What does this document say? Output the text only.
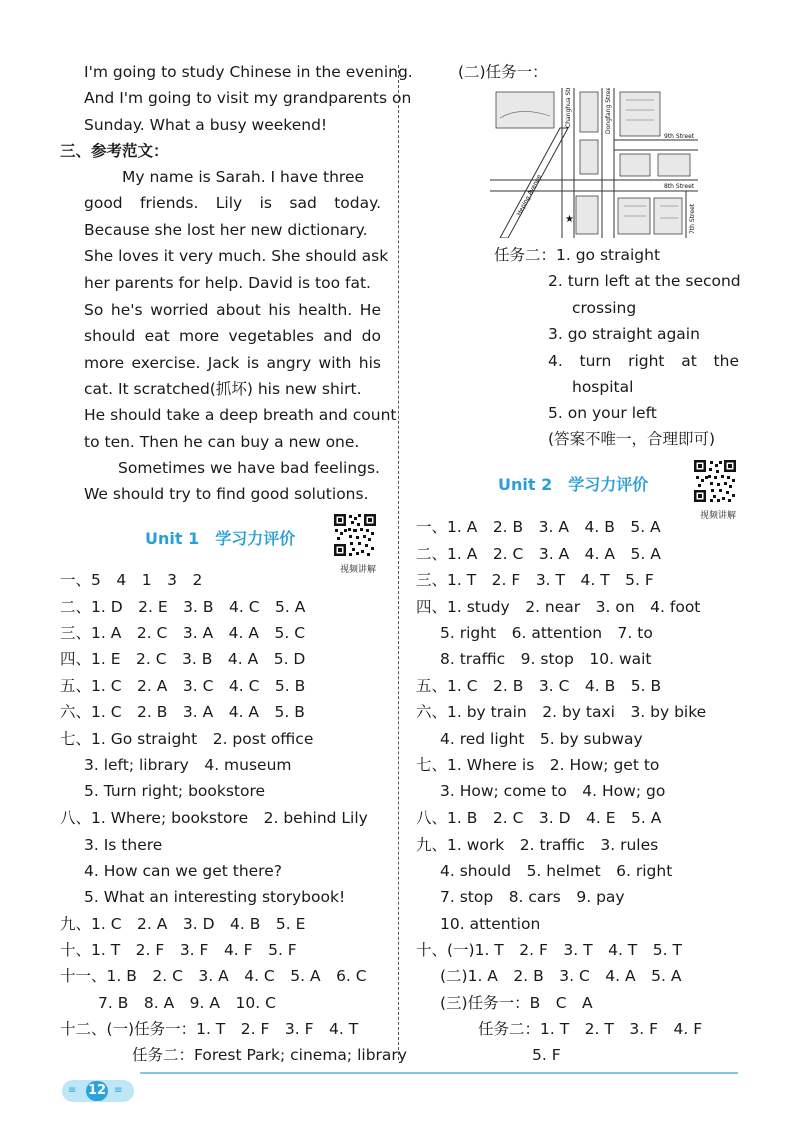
I'm going to study Chinese in the evening.
And I'm going to visit my grandparents on
Sunday. What a busy weekend!
三、参考范文：
My name is Sarah. I have three
good friends. Lily is sad today.
Because she lost her new dictionary.
She loves it very much. She should ask
her parents for help. David is too fat.
So he's worried about his health. He
should eat more vegetables and do
more exercise. Jack is angry with his
cat. It scratched(抓坏) his new shirt.
He should take a deep breath and count
to ten. Then he can buy a new one.
Sometimes we have bad feelings.
We should try to find good solutions.
Unit 1　学习力评价
视频讲解
一、5　4　1　3　2
二、1. D　2. E　3. B　4. C　5. A
三、1. A　2. C　3. A　4. A　5. C
四、1. E　2. C　3. B　4. A　5. D
五、1. C　2. A　3. C　4. C　5. B
六、1. C　2. B　3. A　4. A　5. B
七、1. Go straight　2. post office
3. left; library　4. museum
5. Turn right; bookstore
八、1. Where; bookstore　2. behind Lily
3. Is there
4. How can we get there?
5. What an interesting storybook!
九、1. C　2. A　3. D　4. B　5. E
十、1. T　2. F　3. F　4. F　5. F
十一、1. B　2. C　3. A　4. C　5. A　6. C
7. B　8. A　9. A　10. C
十二、(一)任务一：1. T　2. F　3. F　4. T
任务二：Forest Park; cinema; library
(二)任务一：
★
Changhua Street	Dongfang Street
9th Street
8th Street
7th Street
Heping Avenue
任务二：1. go straight
2. turn left at the second
crossing
3. go straight again
4. turn right at the
hospital
5. on your left
(答案不唯一，合理即可)
Unit 2　学习力评价
视频讲解
一、1. A　2. B　3. A　4. B　5. A
二、1. A　2. C　3. A　4. A　5. A
三、1. T　2. F　3. T　4. T　5. F
四、1. study　2. near　3. on　4. foot
5. right　6. attention　7. to
8. traffic　9. stop　10. wait
五、1. C　2. B　3. C　4. B　5. B
六、1. by train　2. by taxi　3. by bike
4. red light　5. by subway
七、1. Where is　2. How; get to
3. How; come to　4. How; go
八、1. B　2. C　3. D　4. E　5. A
九、1. work　2. traffic　3. rules
4. should　5. helmet　6. right
7. stop　8. cars　9. pay
10. attention
十、(一)1. T　2. F　3. T　4. T　5. T
(二)1. A　2. B　3. C　4. A　5. A
(三)任务一：B　C　A
任务二：1. T　2. T　3. F　4. F
5. F
≡ 12 ≡
